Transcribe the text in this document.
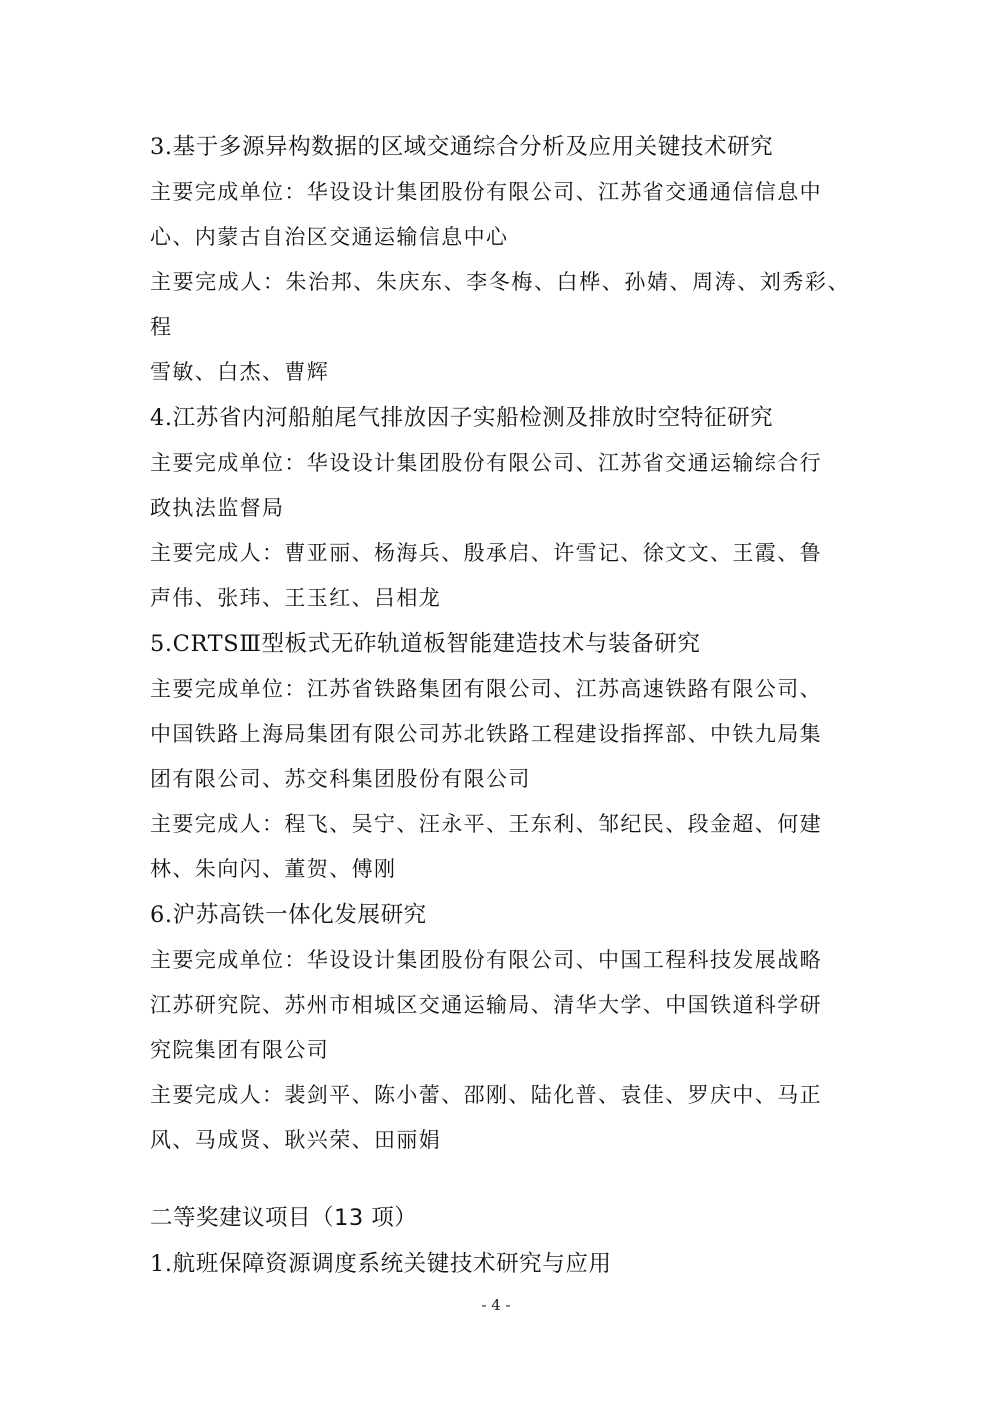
3.基于多源异构数据的区域交通综合分析及应用关键技术研究

主要完成单位：华设设计集团股份有限公司、江苏省交通通信信息中

心、内蒙古自治区交通运输信息中心

主要完成人：朱治邦、朱庆东、李冬梅、白桦、孙婧、周涛、刘秀彩、程

雪敏、白杰、曹辉

4.江苏省内河船舶尾气排放因子实船检测及排放时空特征研究

主要完成单位：华设设计集团股份有限公司、江苏省交通运输综合行

政执法监督局

主要完成人：曹亚丽、杨海兵、殷承启、许雪记、徐文文、王霞、鲁

声伟、张玮、王玉红、吕相龙

5.CRTSⅢ型板式无砟轨道板智能建造技术与装备研究

主要完成单位：江苏省铁路集团有限公司、江苏高速铁路有限公司、

中国铁路上海局集团有限公司苏北铁路工程建设指挥部、中铁九局集

团有限公司、苏交科集团股份有限公司

主要完成人：程飞、吴宁、汪永平、王东利、邹纪民、段金超、何建

林、朱向闪、董贺、傅刚

6.沪苏高铁一体化发展研究

主要完成单位：华设设计集团股份有限公司、中国工程科技发展战略

江苏研究院、苏州市相城区交通运输局、清华大学、中国铁道科学研

究院集团有限公司

主要完成人：裴剑平、陈小蕾、邵刚、陆化普、袁佳、罗庆中、马正

风、马成贤、耿兴荣、田丽娟

二等奖建议项目（13 项）

1.航班保障资源调度系统关键技术研究与应用

- 4 -
